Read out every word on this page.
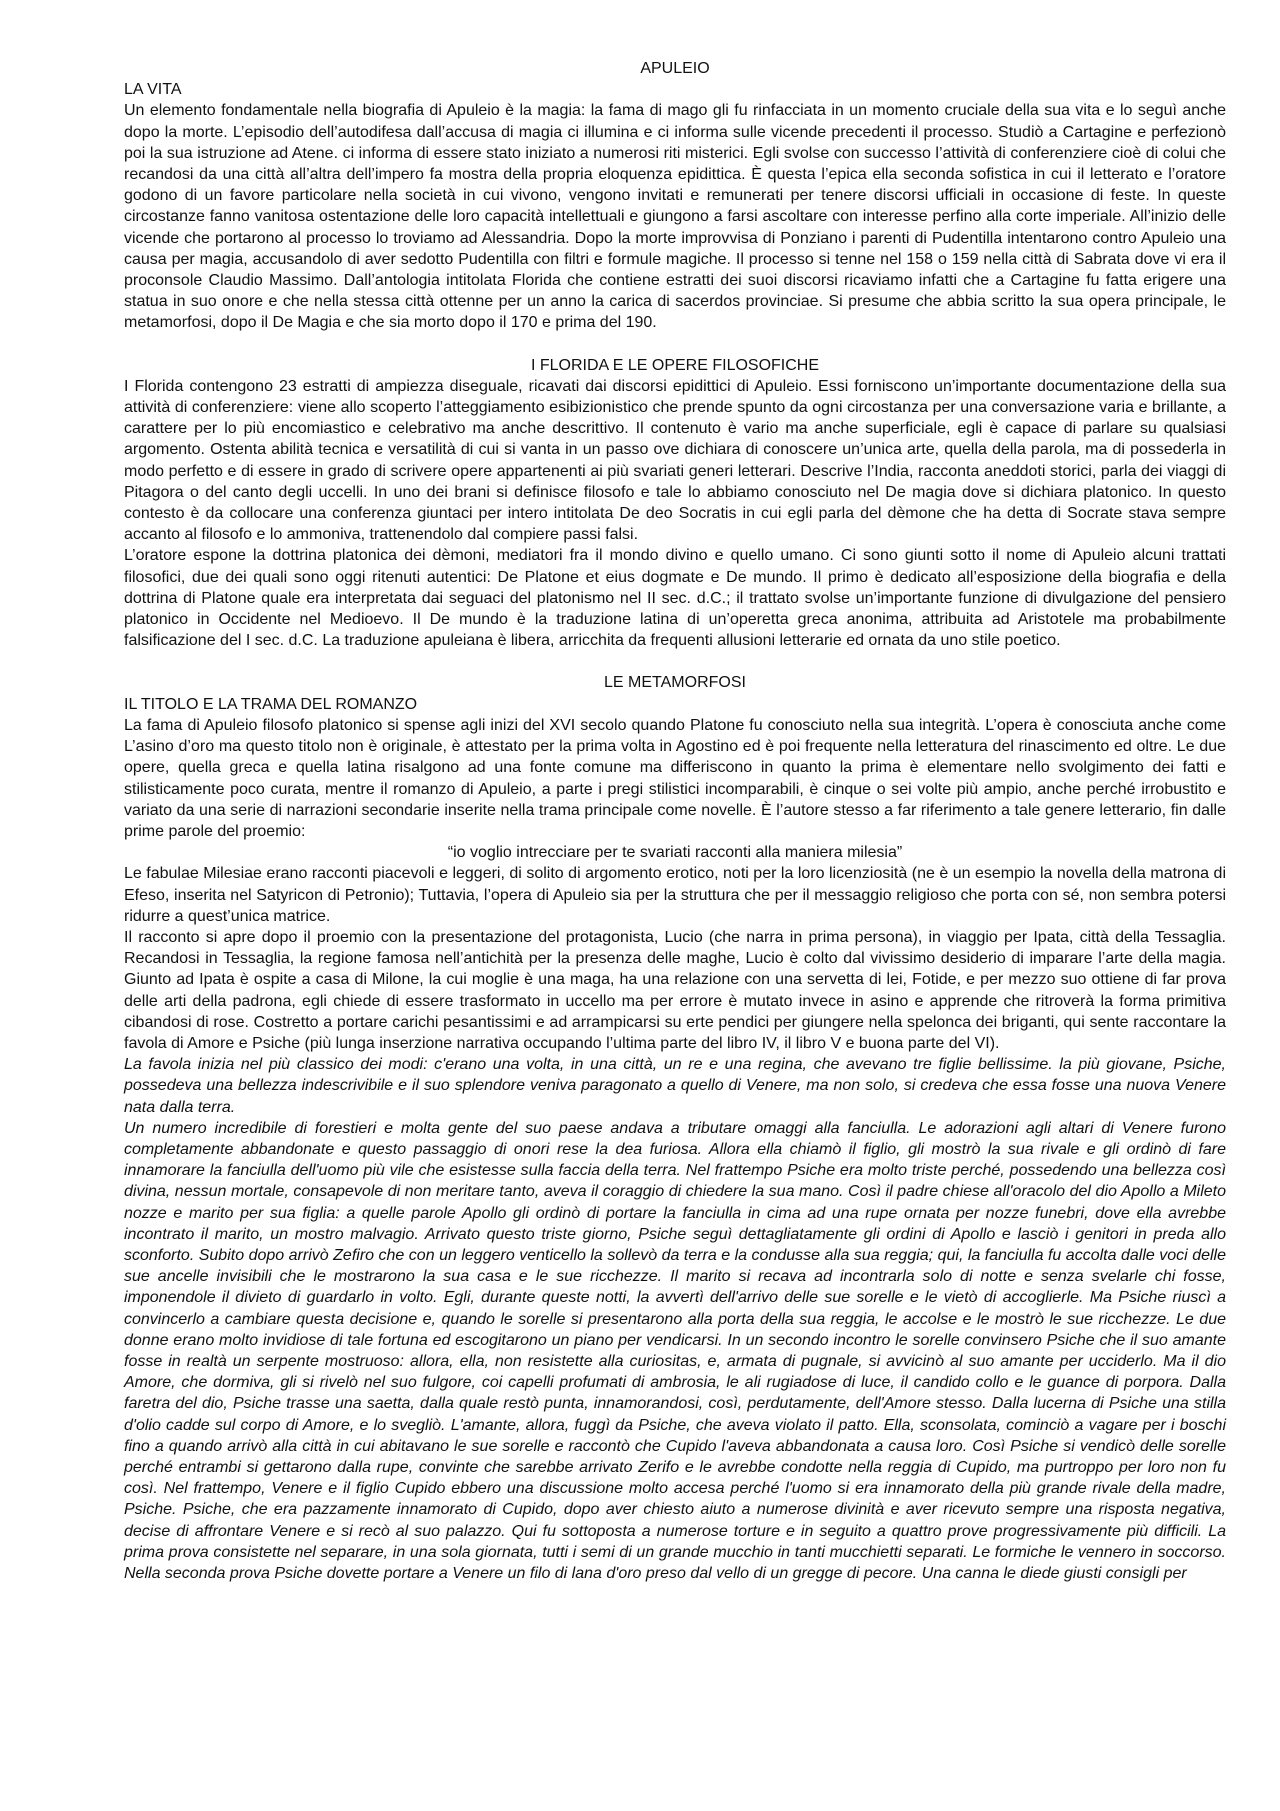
APULEIO

LA VITA

Un elemento fondamentale nella biografia di Apuleio è la magia: la fama di mago gli fu rinfacciata in un momento cruciale della sua vita e lo seguì anche dopo la morte. L’episodio dell’autodifesa dall’accusa di magia ci illumina e ci informa sulle vicende precedenti il processo. Studiò a Cartagine e perfezionò poi la sua istruzione ad Atene. ci informa di essere stato iniziato a numerosi riti misterici. Egli svolse con successo l’attività di conferenziere cioè di colui che recandosi da una città all’altra dell’impero fa mostra della propria eloquenza epidittica. È questa l’epica ella seconda sofistica in cui il letterato e l’oratore godono di un favore particolare nella società in cui vivono, vengono invitati e remunerati per tenere discorsi ufficiali in occasione di feste. In queste circostanze fanno vanitosa ostentazione delle loro capacità intellettuali e giungono a farsi ascoltare con interesse perfino alla corte imperiale. All’inizio delle vicende che portarono al processo lo troviamo ad Alessandria. Dopo la morte improvvisa di Ponziano i parenti di Pudentilla intentarono contro Apuleio una causa per magia, accusandolo di aver sedotto Pudentilla con filtri e formule magiche. Il processo si tenne nel 158 o 159 nella città di Sabrata dove vi era il proconsole Claudio Massimo. Dall’antologia intitolata Florida che contiene estratti dei suoi discorsi ricaviamo infatti che a Cartagine fu fatta erigere una statua in suo onore e che nella stessa città ottenne per un anno la carica di sacerdos provinciae. Si presume che abbia scritto la sua opera principale, le metamorfosi, dopo il De Magia e che sia morto dopo il 170 e prima del 190.

I FLORIDA E LE OPERE FILOSOFICHE

I Florida contengono 23 estratti di ampiezza diseguale, ricavati dai discorsi epidittici di Apuleio. Essi forniscono un’importante documentazione della sua attività di conferenziere: viene allo scoperto l’atteggiamento esibizionistico che prende spunto da ogni circostanza per una conversazione varia e brillante, a carattere per lo più encomiastico e celebrativo ma anche descrittivo. Il contenuto è vario ma anche superficiale, egli è capace di parlare su qualsiasi argomento. Ostenta abilità tecnica e versatilità di cui si vanta in un passo ove dichiara di conoscere un’unica arte, quella della parola, ma di possederla in modo perfetto e di essere in grado di scrivere opere appartenenti ai più svariati generi letterari. Descrive l’India, racconta aneddoti storici, parla dei viaggi di Pitagora o del canto degli uccelli. In uno dei brani si definisce filosofo e tale lo abbiamo conosciuto nel De magia dove si dichiara platonico. In questo contesto è da collocare una conferenza giuntaci per intero intitolata De deo Socratis in cui egli parla del dèmone che ha detta di Socrate stava sempre accanto al filosofo e lo ammoniva, trattenendolo dal compiere passi falsi.

L’oratore espone la dottrina platonica dei dèmoni, mediatori fra il mondo divino e quello umano. Ci sono giunti sotto il nome di Apuleio alcuni trattati filosofici, due dei quali sono oggi ritenuti autentici: De Platone et eius dogmate e De mundo. Il primo è dedicato all’esposizione della biografia e della dottrina di Platone quale era interpretata dai seguaci del platonismo nel II sec. d.C.; il trattato svolse un’importante funzione di divulgazione del pensiero platonico in Occidente nel Medioevo. Il De mundo è la traduzione latina di un’operetta greca anonima, attribuita ad Aristotele ma probabilmente falsificazione del I sec. d.C. La traduzione apuleiana è libera, arricchita da frequenti allusioni letterarie ed ornata da uno stile poetico.

LE METAMORFOSI

IL TITOLO E LA TRAMA DEL ROMANZO

La fama di Apuleio filosofo platonico si spense agli inizi del XVI secolo quando Platone fu conosciuto nella sua integrità. L’opera è conosciuta anche come L’asino d’oro ma questo titolo non è originale, è attestato per la prima volta in Agostino ed è poi frequente nella letteratura del rinascimento ed oltre. Le due opere, quella greca e quella latina risalgono ad una fonte comune ma differiscono in quanto la prima è elementare nello svolgimento dei fatti e stilisticamente poco curata, mentre il romanzo di Apuleio, a parte i pregi stilistici incomparabili, è cinque o sei volte più ampio, anche perché irrobustito e variato da una serie di narrazioni secondarie inserite nella trama principale come novelle. È l’autore stesso a far riferimento a tale genere letterario, fin dalle prime parole del proemio:

“io voglio intrecciare per te svariati racconti alla maniera milesia”

Le fabulae Milesiae erano racconti piacevoli e leggeri, di solito di argomento erotico, noti per la loro licenziosità (ne è un esempio la novella della matrona di Efeso, inserita nel Satyricon di Petronio); Tuttavia, l’opera di Apuleio sia per la struttura che per il messaggio religioso che porta con sé, non sembra potersi ridurre a quest’unica matrice.

Il racconto si apre dopo il proemio con la presentazione del protagonista, Lucio (che narra in prima persona), in viaggio per Ipata, città della Tessaglia. Recandosi in Tessaglia, la regione famosa nell’antichità per la presenza delle maghe, Lucio è colto dal vivissimo desiderio di imparare l’arte della magia. Giunto ad Ipata è ospite a casa di Milone, la cui moglie è una maga, ha una relazione con una servetta di lei, Fotide, e per mezzo suo ottiene di far prova delle arti della padrona, egli chiede di essere trasformato in uccello ma per errore è mutato invece in asino e apprende che ritroverà la forma primitiva cibandosi di rose. Costretto a portare carichi pesantissimi e ad arrampicarsi su erte pendici per giungere nella spelonca dei briganti, qui sente raccontare la favola di Amore e Psiche (più lunga inserzione narrativa occupando l’ultima parte del libro IV, il libro V e buona parte del VI).

La favola inizia nel più classico dei modi: c'erano una volta, in una città, un re e una regina, che avevano tre figlie bellissime. la più giovane, Psiche, possedeva una bellezza indescrivibile e il suo splendore veniva paragonato a quello di Venere, ma non solo, si credeva che essa fosse una nuova Venere nata dalla terra.

Un numero incredibile di forestieri e molta gente del suo paese andava a tributare omaggi alla fanciulla. Le adorazioni agli altari di Venere furono completamente abbandonate e questo passaggio di onori rese la dea furiosa. Allora ella chiamò il figlio, gli mostrò la sua rivale e gli ordinò di fare innamorare la fanciulla dell'uomo più vile che esistesse sulla faccia della terra. Nel frattempo Psiche era molto triste perché, possedendo una bellezza così divina, nessun mortale, consapevole di non meritare tanto, aveva il coraggio di chiedere la sua mano. Così il padre chiese all'oracolo del dio Apollo a Mileto nozze e marito per sua figlia: a quelle parole Apollo gli ordinò di portare la fanciulla in cima ad una rupe ornata per nozze funebri, dove ella avrebbe incontrato il marito, un mostro malvagio. Arrivato questo triste giorno, Psiche seguì dettagliatamente gli ordini di Apollo e lasciò i genitori in preda allo sconforto. Subito dopo arrivò Zefiro che con un leggero venticello la sollevò da terra e la condusse alla sua reggia; qui, la fanciulla fu accolta dalle voci delle sue ancelle invisibili che le mostrarono la sua casa e le sue ricchezze. Il marito si recava ad incontrarla solo di notte e senza svelarle chi fosse, imponendole il divieto di guardarlo in volto. Egli, durante queste notti, la avvertì dell'arrivo delle sue sorelle e le vietò di accoglierle. Ma Psiche riuscì a convincerlo a cambiare questa decisione e, quando le sorelle si presentarono alla porta della sua reggia, le accolse e le mostrò le sue ricchezze. Le due donne erano molto invidiose di tale fortuna ed escogitarono un piano per vendicarsi. In un secondo incontro le sorelle convinsero Psiche che il suo amante fosse in realtà un serpente mostruoso: allora, ella, non resistette alla curiositas, e, armata di pugnale, si avvicinò al suo amante per ucciderlo. Ma il dio Amore, che dormiva, gli si rivelò nel suo fulgore, coi capelli profumati di ambrosia, le ali rugiadose di luce, il candido collo e le guance di porpora. Dalla faretra del dio, Psiche trasse una saetta, dalla quale restò punta, innamorandosi, così, perdutamente, dell'Amore stesso. Dalla lucerna di Psiche una stilla d'olio cadde sul corpo di Amore, e lo svegliò. L'amante, allora, fuggì da Psiche, che aveva violato il patto. Ella, sconsolata, cominciò a vagare per i boschi fino a quando arrivò alla città in cui abitavano le sue sorelle e raccontò che Cupido l'aveva abbandonata a causa loro. Così Psiche si vendicò delle sorelle perché entrambi si gettarono dalla rupe, convinte che sarebbe arrivato Zerifo e le avrebbe condotte nella reggia di Cupido, ma purtroppo per loro non fu così. Nel frattempo, Venere e il figlio Cupido ebbero una discussione molto accesa perché l'uomo si era innamorato della più grande rivale della madre, Psiche. Psiche, che era pazzamente innamorato di Cupido, dopo aver chiesto aiuto a numerose divinità e aver ricevuto sempre una risposta negativa, decise di affrontare Venere e si recò al suo palazzo. Qui fu sottoposta a numerose torture e in seguito a quattro prove progressivamente più difficili. La prima prova consistette nel separare, in una sola giornata, tutti i semi di un grande mucchio in tanti mucchietti separati. Le formiche le vennero in soccorso. Nella seconda prova Psiche dovette portare a Venere un filo di lana d'oro preso dal vello di un gregge di pecore. Una canna le diede giusti consigli per
